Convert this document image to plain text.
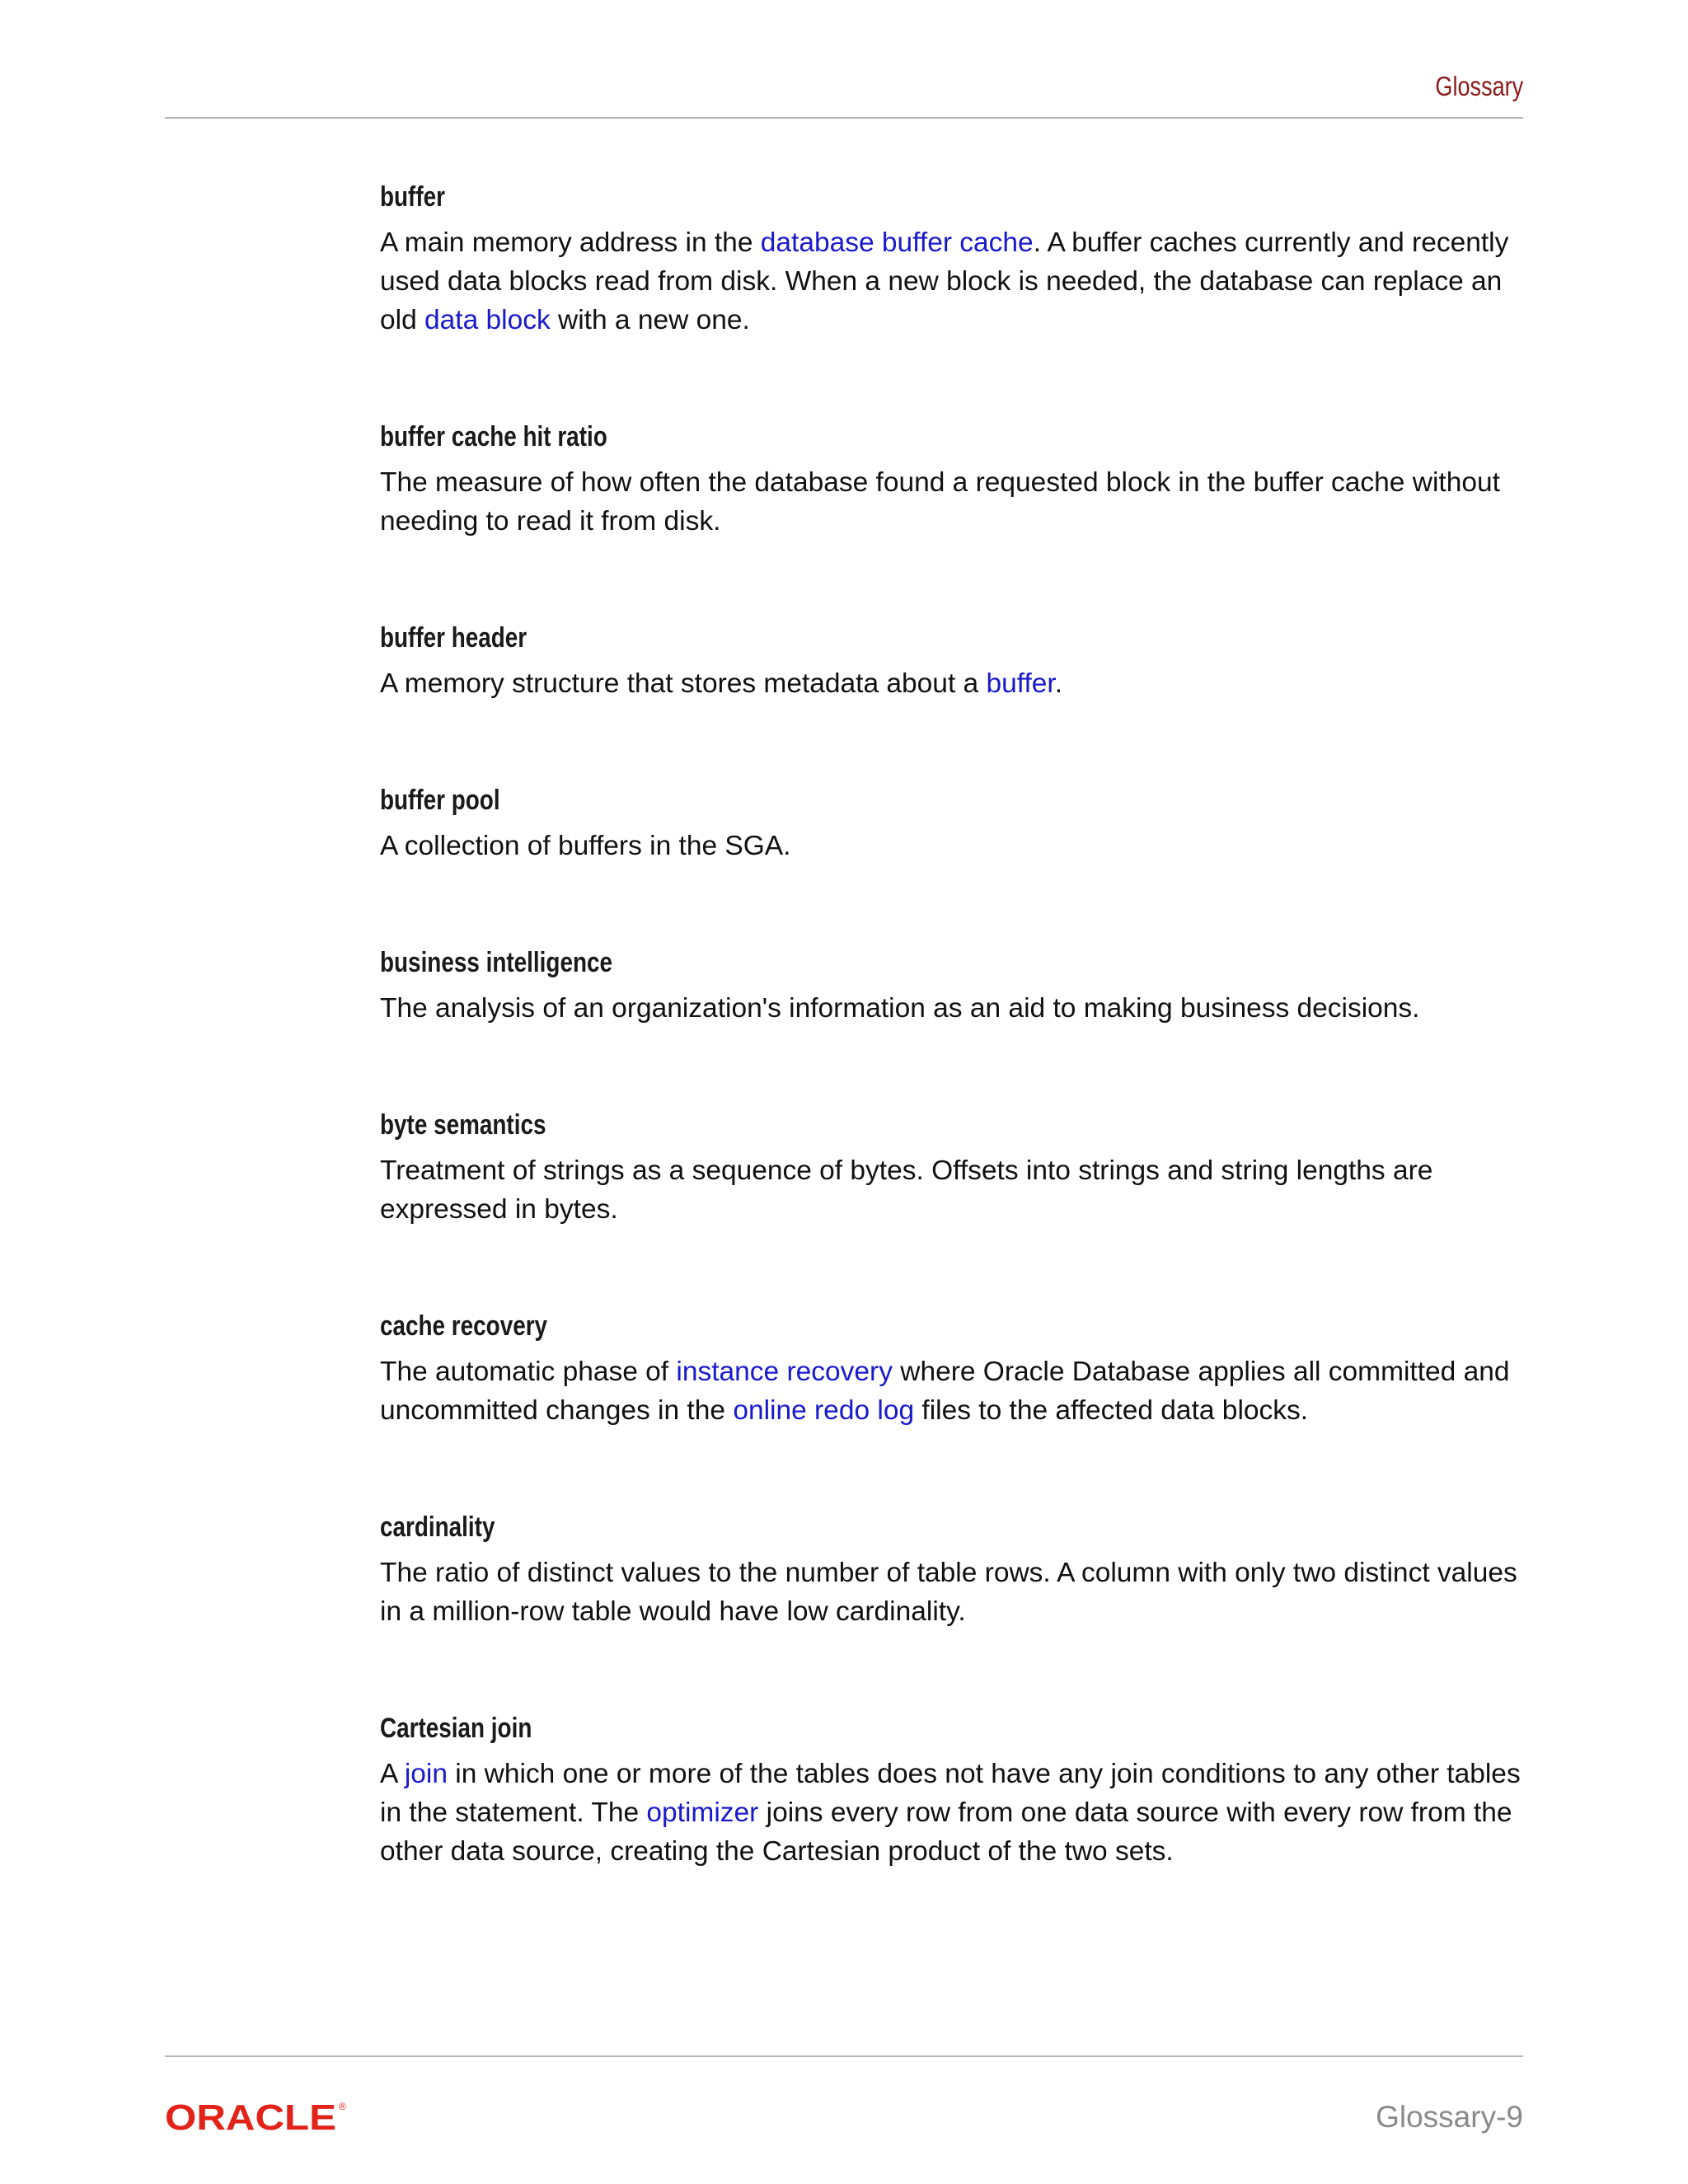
Glossary
buffer

A main memory address in the database buffer cache. A buffer caches currently and recently used data blocks read from disk. When a new block is needed, the database can replace an old data block with a new one.

buffer cache hit ratio

The measure of how often the database found a requested block in the buffer cache without needing to read it from disk.

buffer header

A memory structure that stores metadata about a buffer.

buffer pool

A collection of buffers in the SGA.

business intelligence

The analysis of an organization's information as an aid to making business decisions.

byte semantics

Treatment of strings as a sequence of bytes. Offsets into strings and string lengths are expressed in bytes.

cache recovery

The automatic phase of instance recovery where Oracle Database applies all committed and uncommitted changes in the online redo log files to the affected data blocks.

cardinality

The ratio of distinct values to the number of table rows. A column with only two distinct values in a million-row table would have low cardinality.

Cartesian join

A join in which one or more of the tables does not have any join conditions to any other tables in the statement. The optimizer joins every row from one data source with every row from the other data source, creating the Cartesian product of the two sets.

ORACLE ®	Glossary-9
